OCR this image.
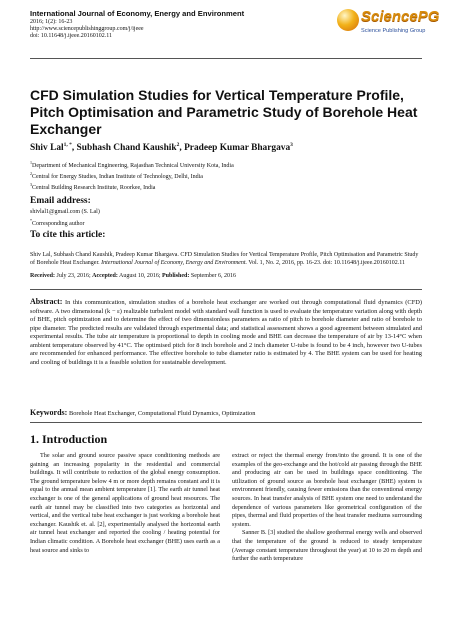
International Journal of Economy, Energy and Environment
2016; 1(2): 16-23
http://www.sciencepublishinggroup.com/j/ijeee
doi: 10.11648/j.ijeee.20160102.11
SciencePG
Science Publishing Group
CFD Simulation Studies for Vertical Temperature Profile, Pitch Optimisation and Parametric Study of Borehole Heat Exchanger
Shiv Lal$^{1, *}$, Subhash Chand Kaushik$^2$, Pradeep Kumar Bhargava$^3$
$^1$Department of Mechanical Engineering, Rajasthan Technical University Kota, India
$^2$Central for Energy Studies, Indian Institute of Technology, Delhi, India
$^3$Central Building Research Institute, Roorkee, India
Email address:
shivlal1@gmail.com (S. Lal)
*Corresponding author
To cite this article:
Shiv Lal, Subhash Chand Kaushik, Pradeep Kumar Bhargava. CFD Simulation Studies for Vertical Temperature Profile, Pitch Optimisation and Parametric Study of Borehole Heat Exchanger. International Journal of Economy, Energy and Environment. Vol. 1, No. 2, 2016, pp. 16-23. doi: 10.11648/j.ijeee.20160102.11
Received: July 23, 2016; Accepted: August 10, 2016; Published: September 6, 2016
Abstract: In this communication, simulation studies of a borehole heat exchanger are worked out through computational fluid dynamics (CFD) software. A two dimensional (k − ε) realizable turbulent model with standard wall function is used to evaluate the temperature variation along with depth of BHE, pitch optimization and to determine the effect of two dimensionless parameters as ratio of pitch to borehole diameter and ratio of borehole to pipe diameter. The predicted results are validated through experimental data; and statistical assessment shows a good agreement between simulated and experimental results. The tube air temperature is proportional to depth in cooling mode and BHE can decrease the temperature of air by 13-14°C when ambient temperature observed by 41°C. The optimised pitch for 8 inch borehole and 2 inch diameter U-tube is found to be 4 inch, however two U-tubes are recommended for enhanced performance. The effective borehole to tube diameter ratio is estimated by 4. The BHE system can be used for heating and cooling of buildings it is a feasible solution for sustainable development.
Keywords: Borehole Heat Exchanger, Computational Fluid Dynamics, Optimization
1. Introduction

The solar and ground source passive space conditioning methods are gaining an increasing popularity in the residential and commercial buildings. It will contribute to reduction of the global energy consumption. The ground temperature below 4 m or more depth remains constant and it is equal to the annual mean ambient temperature [1]. The earth air tunnel heat exchanger is one of the general applications of ground heat resources. The earth air tunnel may be classified into two categories as horizontal and vertical, and the vertical tube heat exchanger is just working a borehole heat exchanger. Kaushik et. al. [2], experimentally analysed the horizontal earth air tunnel heat exchanger and reported the cooling / heating potential for Indian climatic condition. A Borehole heat exchanger (BHE) uses earth as a heat source and sinks to

extract or reject the thermal energy from/into the ground. It is one of the examples of the geo-exchange and the hot/cold air passing through the BHE and producing air can be used in buildings space conditioning. The utilization of ground source as borehole heat exchanger (BHE) system is environment friendly, causing fewer emissions than the conventional energy sources. In heat transfer analysis of BHE system one need to understand the dependence of various parameters like geometrical configuration of the pipes, thermal and fluid properties of the heat transfer mediums surrounding system.

Sanner B. [3] studied the shallow geothermal energy wells and observed that the temperature of the ground is reduced to steady temperature (Average constant temperature throughout the year) at 10 to 20 m depth and further the earth temperature
